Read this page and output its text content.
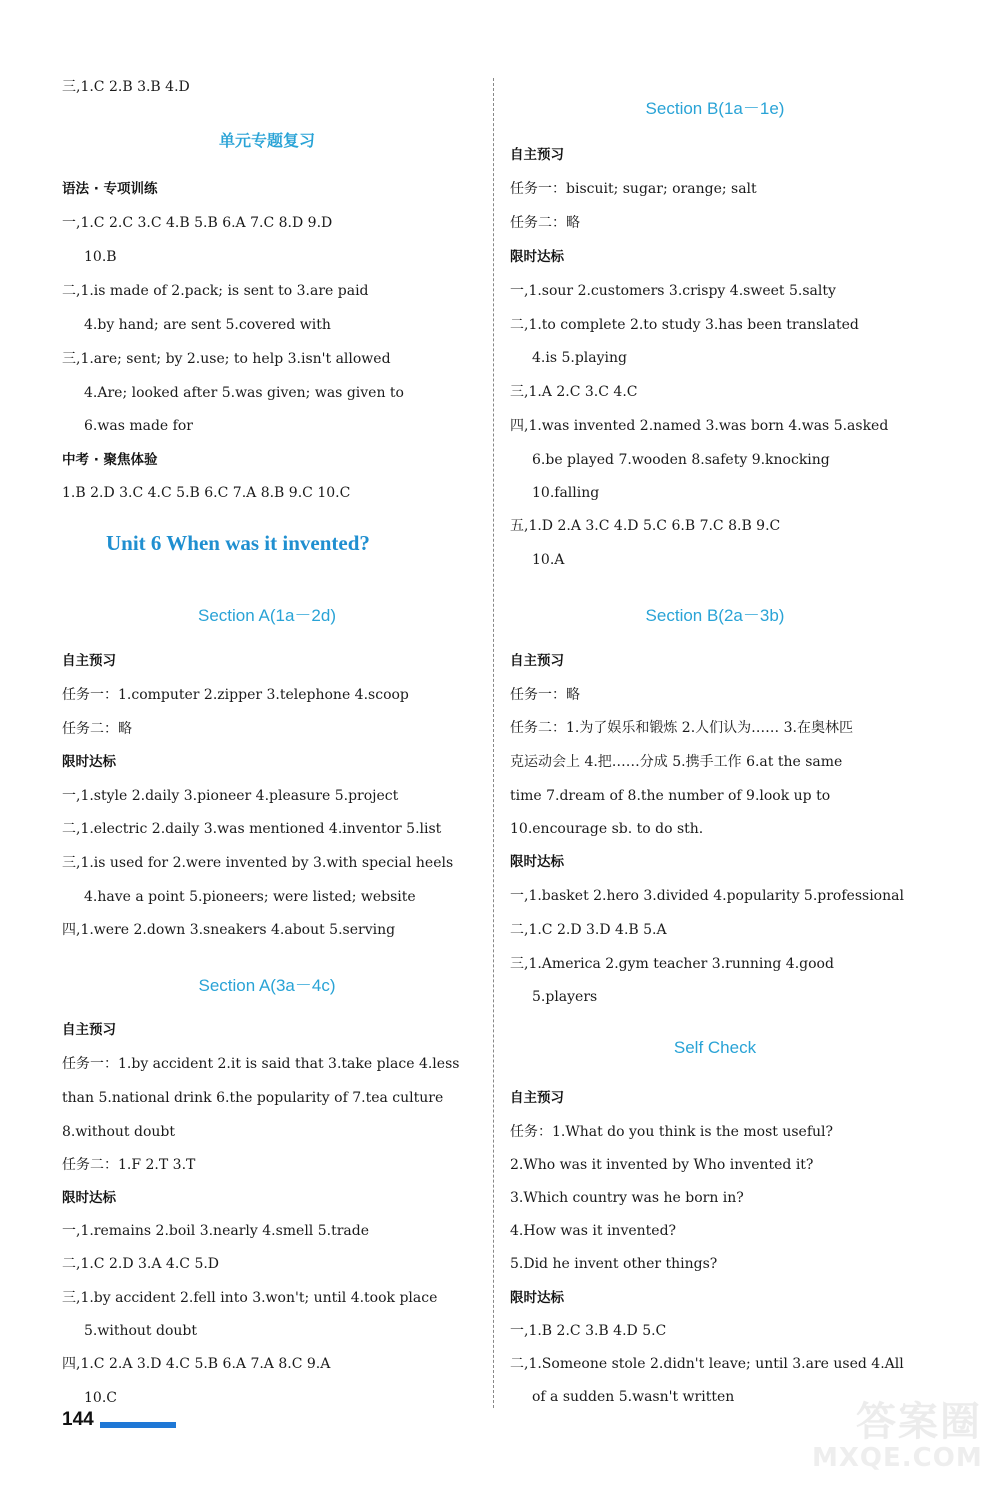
三,1.C 2.B 3.B 4.D
单元专题复习
语法 · 专项训练
一,1.C 2.C 3.C 4.B 5.B 6.A 7.C 8.D 9.D
10.B
二,1.is made of 2.pack; is sent to 3.are paid
4.by hand; are sent 5.covered with
三,1.are; sent; by 2.use; to help 3.isn't allowed
4.Are; looked after 5.was given; was given to
6.was made for
中考 · 聚焦体验
1.B 2.D 3.C 4.C 5.B 6.C 7.A 8.B 9.C 10.C
Unit 6 When was it invented?
Section A(1a－2d)
自主预习
任务一：1.computer 2.zipper 3.telephone 4.scoop
任务二：略
限时达标
一,1.style 2.daily 3.pioneer 4.pleasure 5.project
二,1.electric 2.daily 3.was mentioned 4.inventor 5.list
三,1.is used for 2.were invented by 3.with special heels
4.have a point 5.pioneers; were listed; website
四,1.were 2.down 3.sneakers 4.about 5.serving
Section A(3a－4c)
自主预习
任务一：1.by accident 2.it is said that 3.take place 4.less
than 5.national drink 6.the popularity of 7.tea culture
8.without doubt
任务二：1.F 2.T 3.T
限时达标
一,1.remains 2.boil 3.nearly 4.smell 5.trade
二,1.C 2.D 3.A 4.C 5.D
三,1.by accident 2.fell into 3.won't; until 4.took place
5.without doubt
四,1.C 2.A 3.D 4.C 5.B 6.A 7.A 8.C 9.A
10.C
Section B(1a－1e)
自主预习
任务一：biscuit; sugar; orange; salt
任务二：略
限时达标
一,1.sour 2.customers 3.crispy 4.sweet 5.salty
二,1.to complete 2.to study 3.has been translated
4.is 5.playing
三,1.A 2.C 3.C 4.C
四,1.was invented 2.named 3.was born 4.was 5.asked
6.be played 7.wooden 8.safety 9.knocking
10.falling
五,1.D 2.A 3.C 4.D 5.C 6.B 7.C 8.B 9.C
10.A
Section B(2a－3b)
自主预习
任务一：略
任务二：1.为了娱乐和锻炼 2.人们认为…… 3.在奥林匹
克运动会上 4.把……分成 5.携手工作 6.at the same
time 7.dream of 8.the number of 9.look up to
10.encourage sb. to do sth.
限时达标
一,1.basket 2.hero 3.divided 4.popularity 5.professional
二,1.C 2.D 3.D 4.B 5.A
三,1.America 2.gym teacher 3.running 4.good
5.players
Self Check
自主预习
任务：1.What do you think is the most useful?
2.Who was it invented by Who invented it?
3.Which country was he born in?
4.How was it invented?
5.Did he invent other things?
限时达标
一,1.B 2.C 3.B 4.D 5.C
二,1.Someone stole 2.didn't leave; until 3.are used 4.All
of a sudden 5.wasn't written
144	答案圈
MXQE.COM
